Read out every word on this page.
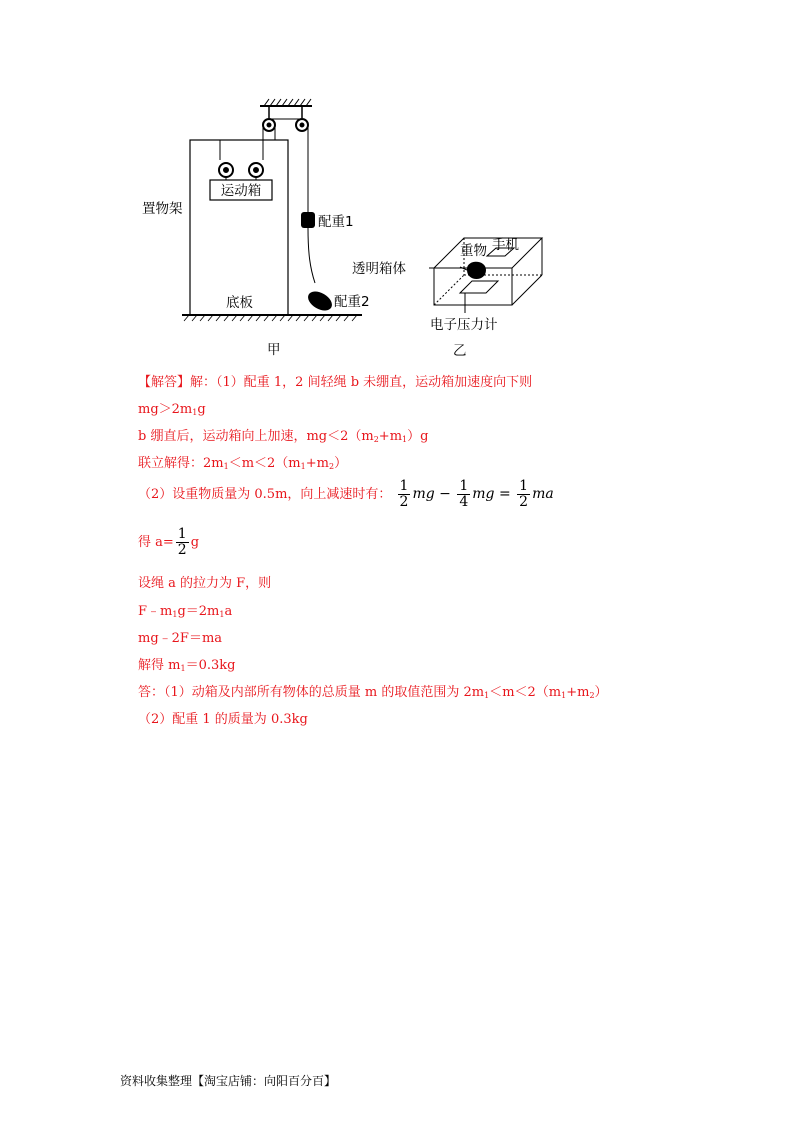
运动箱
置物架
配重1
配重2
底板
甲
重物 手机
透明箱体
电子压力计
乙
【解答】解：（1）配重 1，2 间轻绳 b 未绷直，运动箱加速度向下则
$mg>2m_1g$
b 绷直后，运动箱向上加速，$mg<2(m_2+m_1)g$
联立解得：$2m_1<m<2(m_1+m_2)$
（2）设重物质量为 0.5m，向上减速时有： $\frac{1}{2}$ mg − $\frac{1}{4}$ mg = $\frac{1}{2}$ ma
得 $a= \frac{1}{2}$ g
设绳 a 的拉力为 F，则
$F﹣m_1g=2m_1a$
mg﹣2F＝ma
解得 $m_1=0.3kg$
答：（1）动箱及内部所有物体的总质量 m 的取值范围为 $2m_1<m<2(m_1+m_2)$
（2）配重 1 的质量为 0.3kg
资料收集整理【淘宝店铺：向阳百分百】
